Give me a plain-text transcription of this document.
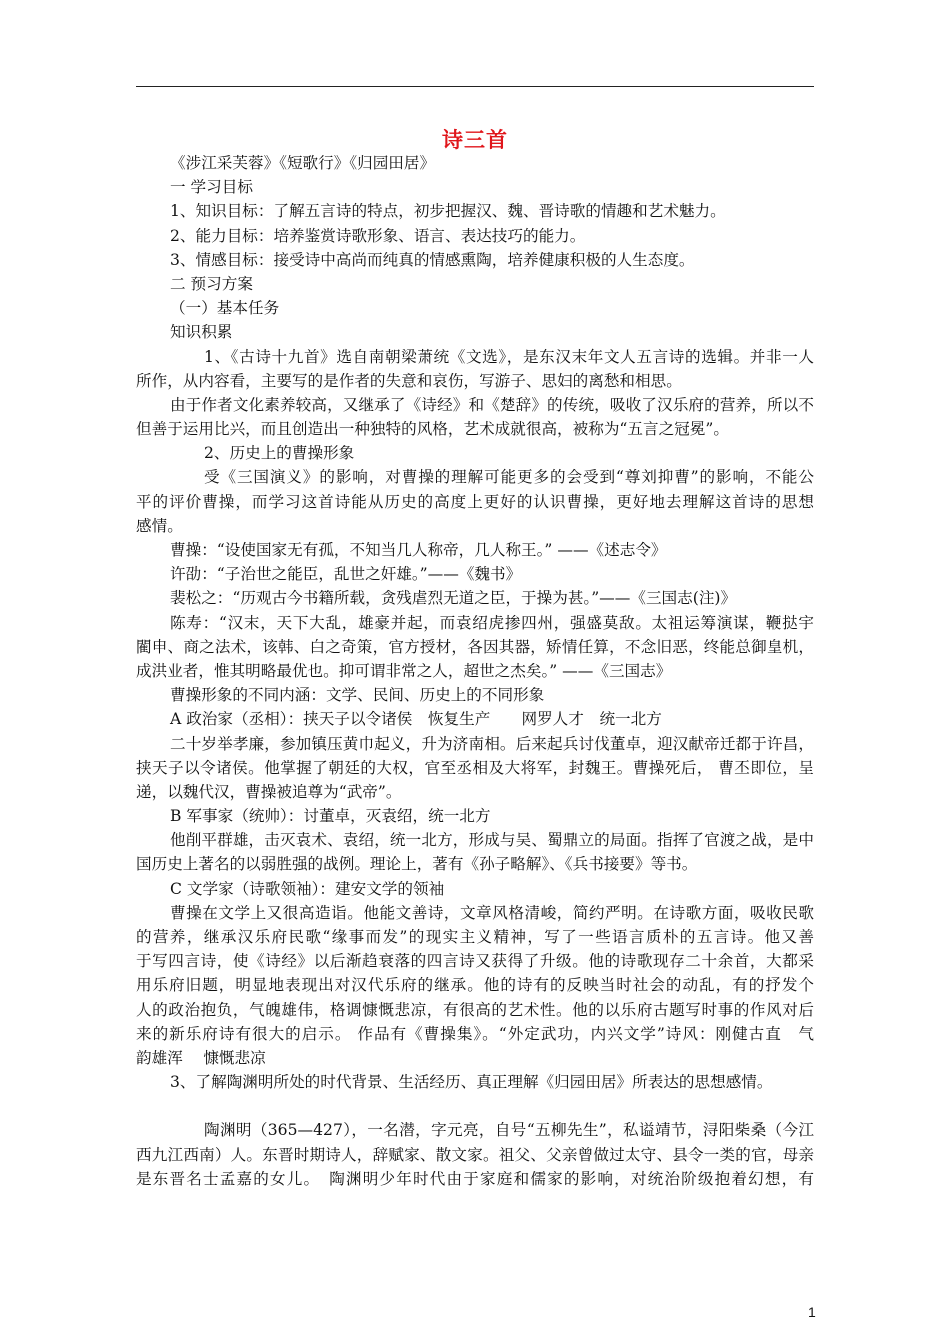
诗三首
《涉江采芙蓉》《短歌行》《归园田居》
一 学习目标
1、知识目标：了解五言诗的特点，初步把握汉、魏、晋诗歌的情趣和艺术魅力。
2、能力目标：培养鉴赏诗歌形象、语言、表达技巧的能力。
3、情感目标：接受诗中高尚而纯真的情感熏陶，培养健康积极的人生态度。
二 预习方案
（一）基本任务
知识积累
1、《古诗十九首》选自南朝梁萧统《文选》，是东汉末年文人五言诗的选辑。并非一人
所作，从内容看，主要写的是作者的失意和哀伤，写游子、思妇的离愁和相思。
由于作者文化素养较高，又继承了《诗经》和《楚辞》的传统，吸收了汉乐府的营养，所以不
但善于运用比兴，而且创造出一种独特的风格，艺术成就很高，被称为“五言之冠冕”。
2、历史上的曹操形象
受《三国演义》的影响，对曹操的理解可能更多的会受到“尊刘抑曹”的影响，不能公
平的评价曹操，而学习这首诗能从历史的高度上更好的认识曹操，更好地去理解这首诗的思想
感情。
曹操：“设使国家无有孤，不知当几人称帝，几人称王。” ——《述志令》
许劭：“子治世之能臣，乱世之奸雄。”——《魏书》
裴松之：“历观古今书籍所载，贪残虐烈无道之臣，于操为甚。”——《三国志(注)》
陈寿：“汉末，天下大乱，雄豪并起，而袁绍虎掺四州，强盛莫敌。太祖运筹演谋，鞭挞宇
閵申、商之法术，该韩、白之奇策，官方授材，各因其器，矫情任算，不念旧恶，终能总御皇机，
成洪业者，惟其明略最优也。抑可谓非常之人，超世之杰矣。” ——《三国志》
曹操形象的不同内涵：文学、民间、历史上的不同形象
A 政治家（丞相）：挟天子以令诸侯　恢复生产　　网罗人才　统一北方
二十岁举孝廉，参加镇压黄巾起义，升为济南相。后来起兵讨伐董卓，迎汉献帝迁都于许昌，
挟天子以令诸侯。他掌握了朝廷的大权，官至丞相及大将军，封魏王。曹操死后， 曹丕即位，呈
递，以魏代汉，曹操被追尊为“武帝”。
B 军事家（统帅）：讨董卓，灭袁绍，统一北方
他削平群雄，击灭袁术、袁绍，统一北方，形成与吴、蜀鼎立的局面。指挥了官渡之战，是中
国历史上著名的以弱胜强的战例。理论上，著有《孙子略解》、《兵书接要》等书。
C 文学家（诗歌领袖）：建安文学的领袖
曹操在文学上又很高造诣。他能文善诗，文章风格清峻，简约严明。在诗歌方面，吸收民歌
的营养，继承汉乐府民歌“缘事而发”的现实主义精神，写了一些语言质朴的五言诗。他又善
于写四言诗，使《诗经》以后渐趋衰落的四言诗又获得了升级。他的诗歌现存二十余首，大都采
用乐府旧题，明显地表现出对汉代乐府的继承。他的诗有的反映当时社会的动乱，有的抒发个
人的政治抱负，气魄雄伟，格调慷慨悲凉，有很高的艺术性。他的以乐府古题写时事的作风对后
来的新乐府诗有很大的启示。 作品有《曹操集》。“外定武功，内兴文学”诗风：刚健古直　气
韵雄浑　 慷慨悲凉
3、了解陶渊明所处的时代背景、生活经历、真正理解《归园田居》所表达的思想感情。
陶渊明（365—427），一名潜，字元亮，自号“五柳先生”，私谥靖节，浔阳柴桑（今江
西九江西南）人。东晋时期诗人，辞赋家、散文家。祖父、父亲曾做过太守、县令一类的官，母亲
是东晋名士孟嘉的女儿。　陶渊明少年时代由于家庭和儒家的影响，对统治阶级抱着幻想，有
1
